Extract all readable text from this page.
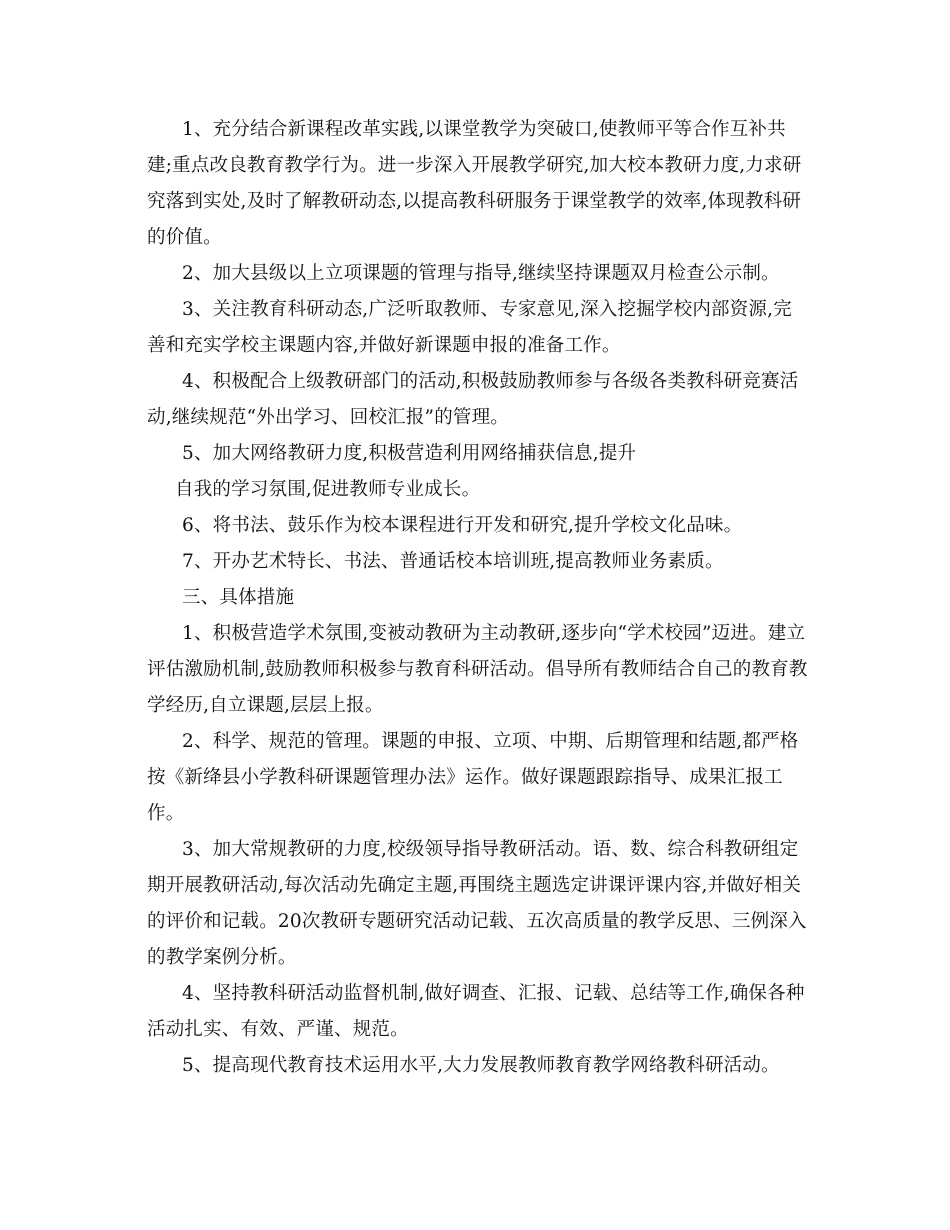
1、充分结合新课程改革实践,以课堂教学为突破口,使教师平等合作互补共
建;重点改良教育教学行为。进一步深入开展教学研究,加大校本教研力度,力求研
究落到实处,及时了解教研动态,以提高教科研服务于课堂教学的效率,体现教科研
的价值。
2、加大县级以上立项课题的管理与指导,继续坚持课题双月检查公示制。
3、关注教育科研动态,广泛听取教师、专家意见,深入挖掘学校内部资源,完
善和充实学校主课题内容,并做好新课题申报的准备工作。
4、积极配合上级教研部门的活动,积极鼓励教师参与各级各类教科研竞赛活
动,继续规范“外出学习、回校汇报”的管理。
5、加大网络教研力度,积极营造利用网络捕获信息,提升
自我的学习氛围,促进教师专业成长。
6、将书法、鼓乐作为校本课程进行开发和研究,提升学校文化品味。
7、开办艺术特长、书法、普通话校本培训班,提高教师业务素质。
三、具体措施
1、积极营造学术氛围,变被动教研为主动教研,逐步向“学术校园”迈进。建立
评估激励机制,鼓励教师积极参与教育科研活动。倡导所有教师结合自己的教育教
学经历,自立课题,层层上报。
2、科学、规范的管理。课题的申报、立项、中期、后期管理和结题,都严格
按《新绛县小学教科研课题管理办法》运作。做好课题跟踪指导、成果汇报工
作。
3、加大常规教研的力度,校级领导指导教研活动。语、数、综合科教研组定
期开展教研活动,每次活动先确定主题,再围绕主题选定讲课评课内容,并做好相关
的评价和记载。20次教研专题研究活动记载、五次高质量的教学反思、三例深入
的教学案例分析。
4、坚持教科研活动监督机制,做好调查、汇报、记载、总结等工作,确保各种
活动扎实、有效、严谨、规范。
5、提高现代教育技术运用水平,大力发展教师教育教学网络教科研活动。
